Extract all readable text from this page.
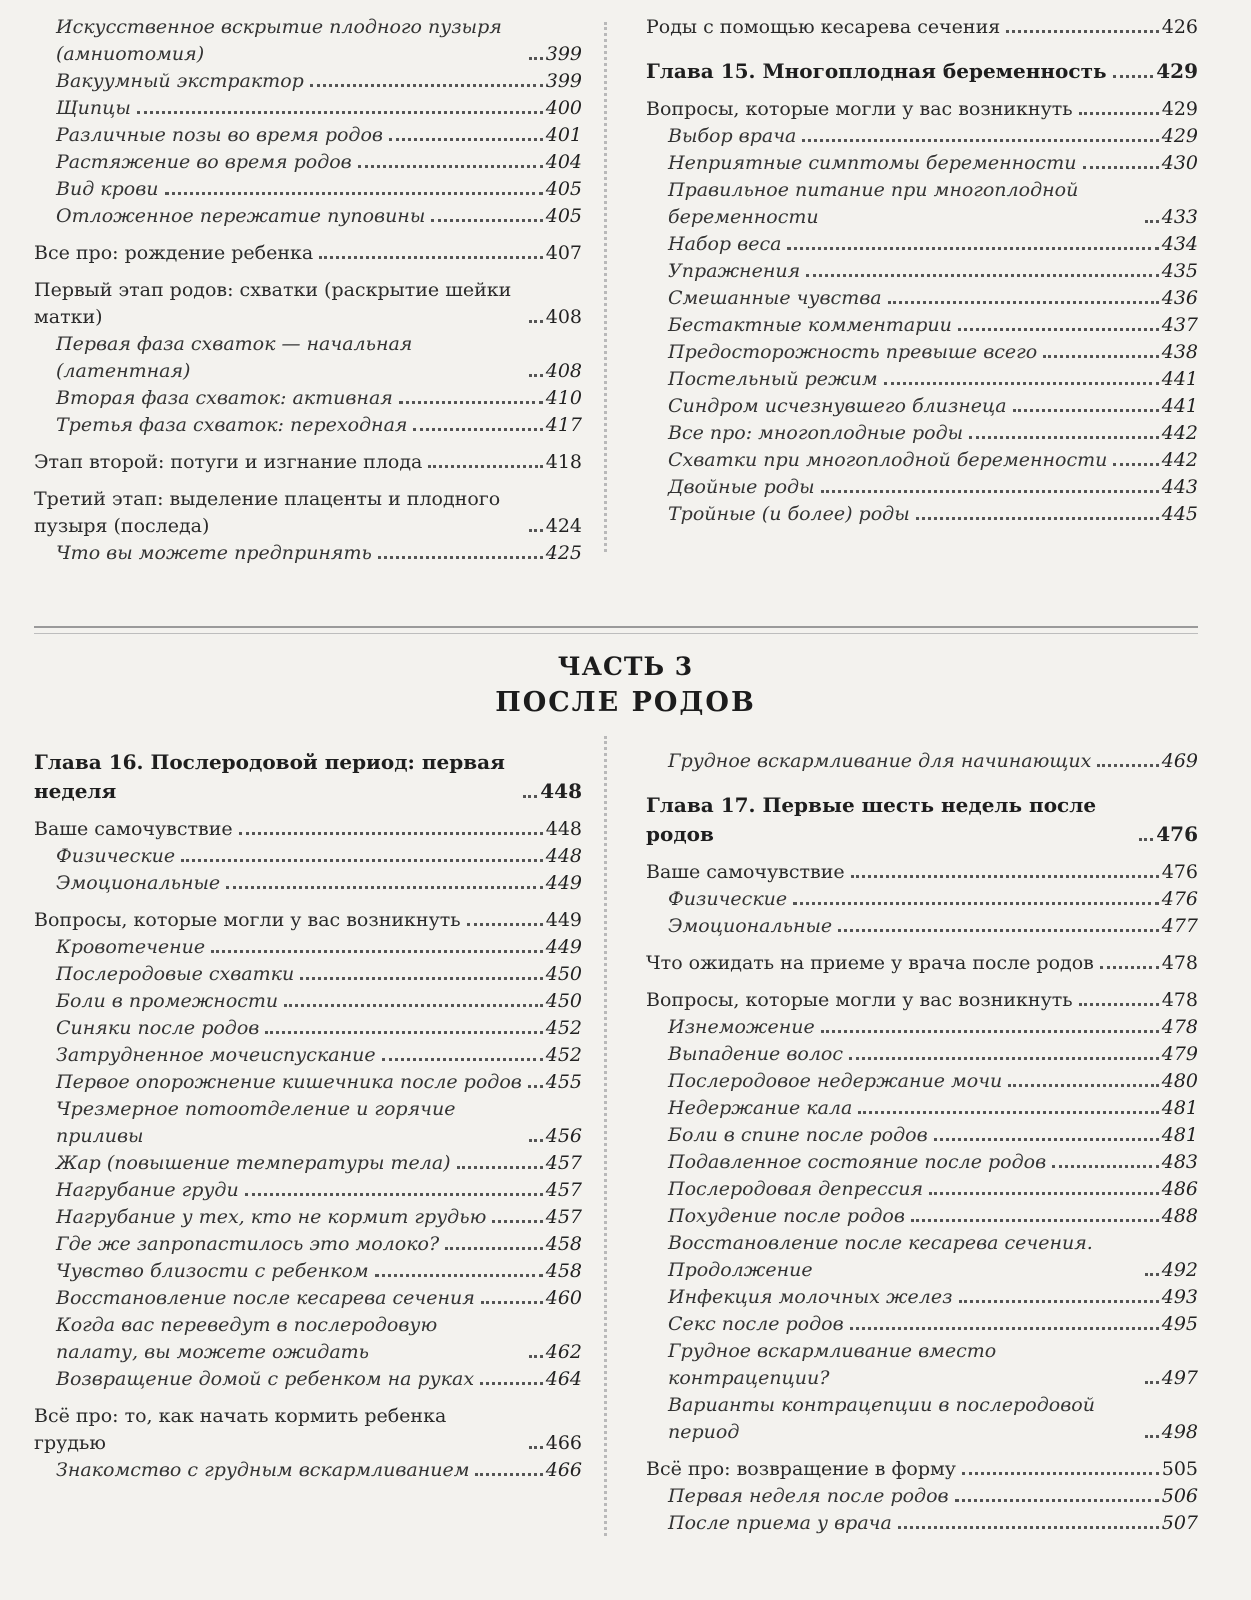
Искусственное вскрытие плодного пузыря (амниотомия)	399
Вакуумный экстрактор	399
Щипцы	400
Различные позы во время родов	401
Растяжение во время родов	404
Вид крови	405
Отложенное пережатие пуповины	405
Все про: рождение ребенка	407
Первый этап родов: схватки (раскрытие шейки матки)	408
Первая фаза схваток — начальная (латентная)	408
Вторая фаза схваток: активная	410
Третья фаза схваток: переходная	417
Этап второй: потуги и изгнание плода	418
Третий этап: выделение плаценты и плодного пузыря (последа)	424
Что вы можете предпринять	425
Роды с помощью кесарева сечения	426
Глава 15. Многоплодная беременность 429
Вопросы, которые могли у вас возникнуть	429
Выбор врача	429
Неприятные симптомы беременности	430
Правильное питание при многоплодной беременности	433
Набор веса	434
Упражнения	435
Смешанные чувства	436
Бестактные комментарии	437
Предосторожность превыше всего	438
Постельный режим	441
Синдром исчезнувшего близнеца	441
Все про: многоплодные роды	442
Схватки при многоплодной беременности	442
Двойные роды	443
Тройные (и более) роды	445
ЧАСТЬ 3
ПОСЛЕ РОДОВ
Глава 16. Послеродовой период: первая неделя	448
Ваше самочувствие	448
Физические	448
Эмоциональные	449
Вопросы, которые могли у вас возникнуть	449
Кровотечение	449
Послеродовые схватки	450
Боли в промежности	450
Синяки после родов	452
Затрудненное мочеиспускание	452
Первое опорожнение кишечника после родов 455
Чрезмерное потоотделение и горячие приливы	456
Жар (повышение температуры тела)	457
Нагрубание груди	457
Нагрубание у тех, кто не кормит грудью	457
Где же запропастилось это молоко?	458
Чувство близости с ребенком	458
Восстановление после кесарева сечения	460
Когда вас переведут в послеродовую палату, вы можете ожидать	462
Возвращение домой с ребенком на руках	464
Всё про: то, как начать кормить ребенка грудью	466
Знакомство с грудным вскармливанием	466
Грудное вскармливание для начинающих	469
Глава 17. Первые шесть недель после родов	476
Ваше самочувствие	476
Физические	476
Эмоциональные	477
Что ожидать на приеме у врача после родов	478
Вопросы, которые могли у вас возникнуть	478
Изнеможение	478
Выпадение волос	479
Послеродовое недержание мочи	480
Недержание кала	481
Боли в спине после родов	481
Подавленное состояние после родов	483
Послеродовая депрессия	486
Похудение после родов	488
Восстановление после кесарева сечения. Продолжение	492
Инфекция молочных желез	493
Секс после родов	495
Грудное вскармливание вместо контрацепции?	497
Варианты контрацепции в послеродовой период	498
Всё про: возвращение в форму	505
Первая неделя после родов	506
После приема у врача	507
